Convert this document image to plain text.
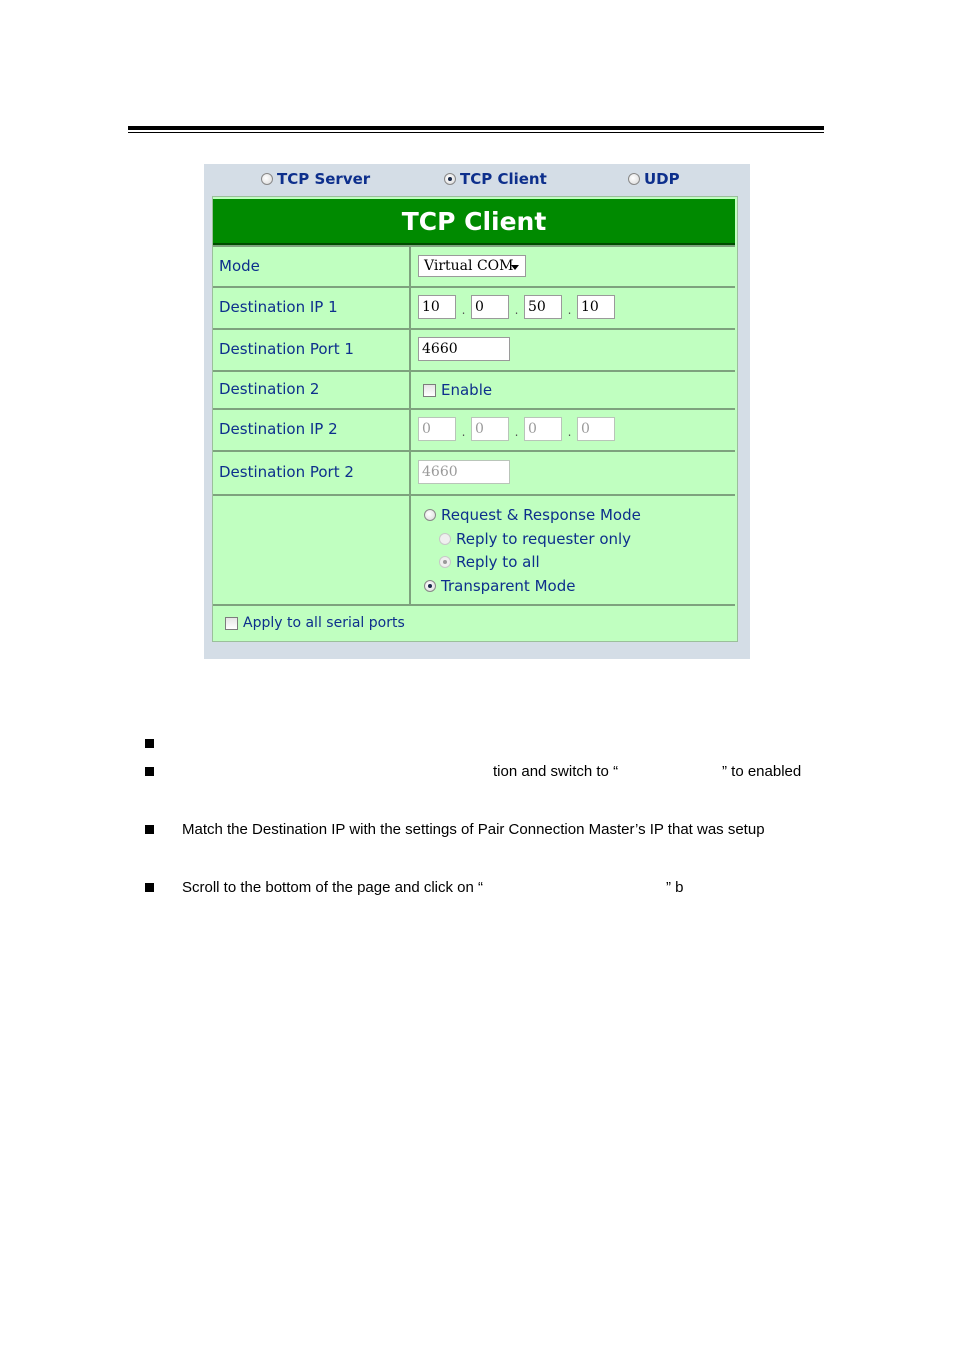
TCP Server	TCP Client	UDP
TCP Client
Mode	Virtual COM
Destination IP 1	10	. 0	. 50	. 10
Destination Port 1	4660
Destination 2	Enable
Destination IP 2	0	. 0	. 0	. 0
Destination Port 2	4660
Request & Response Mode
Reply to requester only
Reply to all
Transparent Mode
Apply to all serial ports
tion and switch to “	” to enabled
Match the Destination IP with the settings of Pair Connection Master’s IP that was setup
Scroll to the bottom of the page and click on “	” b
